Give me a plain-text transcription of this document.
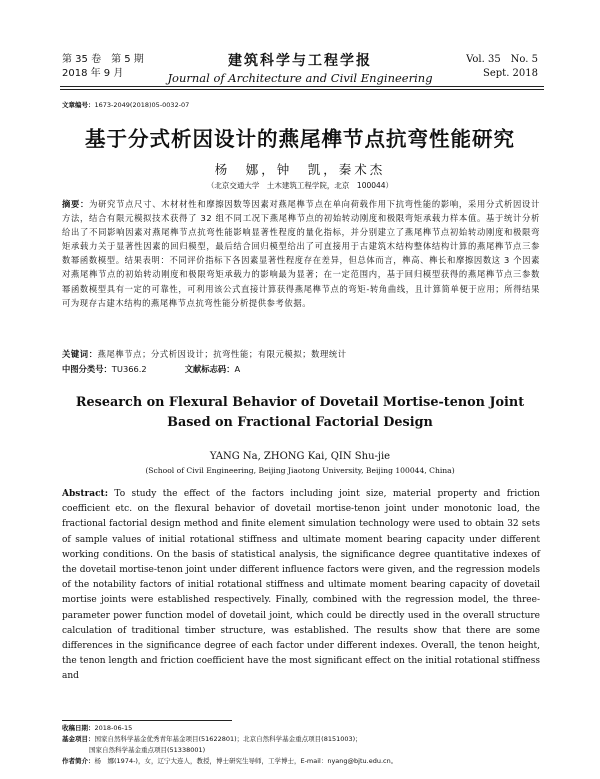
第 35 卷　第 5 期
2018 年 9 月
建筑科学与工程学报
Journal of Architecture and Civil Engineering
Vol. 35　No. 5
Sept. 2018
文章编号：1673-2049(2018)05-0032-07
基于分式析因设计的燕尾榫节点抗弯性能研究
杨　娜，钟　凯，秦术杰
（北京交通大学　土木建筑工程学院，北京　100044）
摘要：为研究节点尺寸、木材材性和摩擦因数等因素对燕尾榫节点在单向荷载作用下抗弯性能的影响，采用分式析因设计方法，结合有限元模拟技术获得了 32 组不同工况下燕尾榫节点的初始转动刚度和极限弯矩承载力样本值。基于统计分析给出了不同影响因素对燕尾榫节点抗弯性能影响显著性程度的量化指标，并分别建立了燕尾榫节点初始转动刚度和极限弯矩承载力关于显著性因素的回归模型，最后结合回归模型给出了可直接用于古建筑木结构整体结构计算的燕尾榫节点三参数幂函数模型。结果表明：不同评价指标下各因素显著性程度存在差异，但总体而言，榫高、榫长和摩擦因数这 3 个因素对燕尾榫节点的初始转动刚度和极限弯矩承载力的影响最为显著；在一定范围内，基于回归模型获得的燕尾榫节点三参数幂函数模型具有一定的可靠性，可利用该公式直接计算获得燕尾榫节点的弯矩-转角曲线，且计算简单便于应用；所得结果可为现存古建木结构的燕尾榫节点抗弯性能分析提供参考依据。
关键词：燕尾榫节点；分式析因设计；抗弯性能；有限元模拟；数理统计
中图分类号：TU366.2	文献标志码：A
Research on Flexural Behavior of Dovetail Mortise-tenon Joint
Based on Fractional Factorial Design
YANG Na, ZHONG Kai, QIN Shu-jie
(School of Civil Engineering, Beijing Jiaotong University, Beijing 100044, China)
Abstract: To study the effect of the factors including joint size, material property and friction coefficient etc. on the flexural behavior of dovetail mortise-tenon joint under monotonic load, the fractional factorial design method and finite element simulation technology were used to obtain 32 sets of sample values of initial rotational stiffness and ultimate moment bearing capacity under different working conditions. On the basis of statistical analysis, the significance degree quantitative indexes of the dovetail mortise-tenon joint under different influence factors were given, and the regression models of the notability factors of initial rotational stiffness and ultimate moment bearing capacity of dovetail mortise joints were established respectively. Finally, combined with the regression model, the three-parameter power function model of dovetail joint, which could be directly used in the overall structure calculation of traditional timber structure, was established. The results show that there are some differences in the significance degree of each factor under different indexes. Overall, the tenon height, the tenon length and friction coefficient have the most significant effect on the initial rotational stiffness and
收稿日期：2018-06-15
基金项目：国家自然科学基金优秀青年基金项目(51622801)；北京自然科学基金重点项目(8151003)；
国家自然科学基金重点项目(51338001)
作者简介：杨　娜(1974-)，女，辽宁大连人，教授，博士研究生导师，工学博士，E-mail：nyang@bjtu.edu.cn。
